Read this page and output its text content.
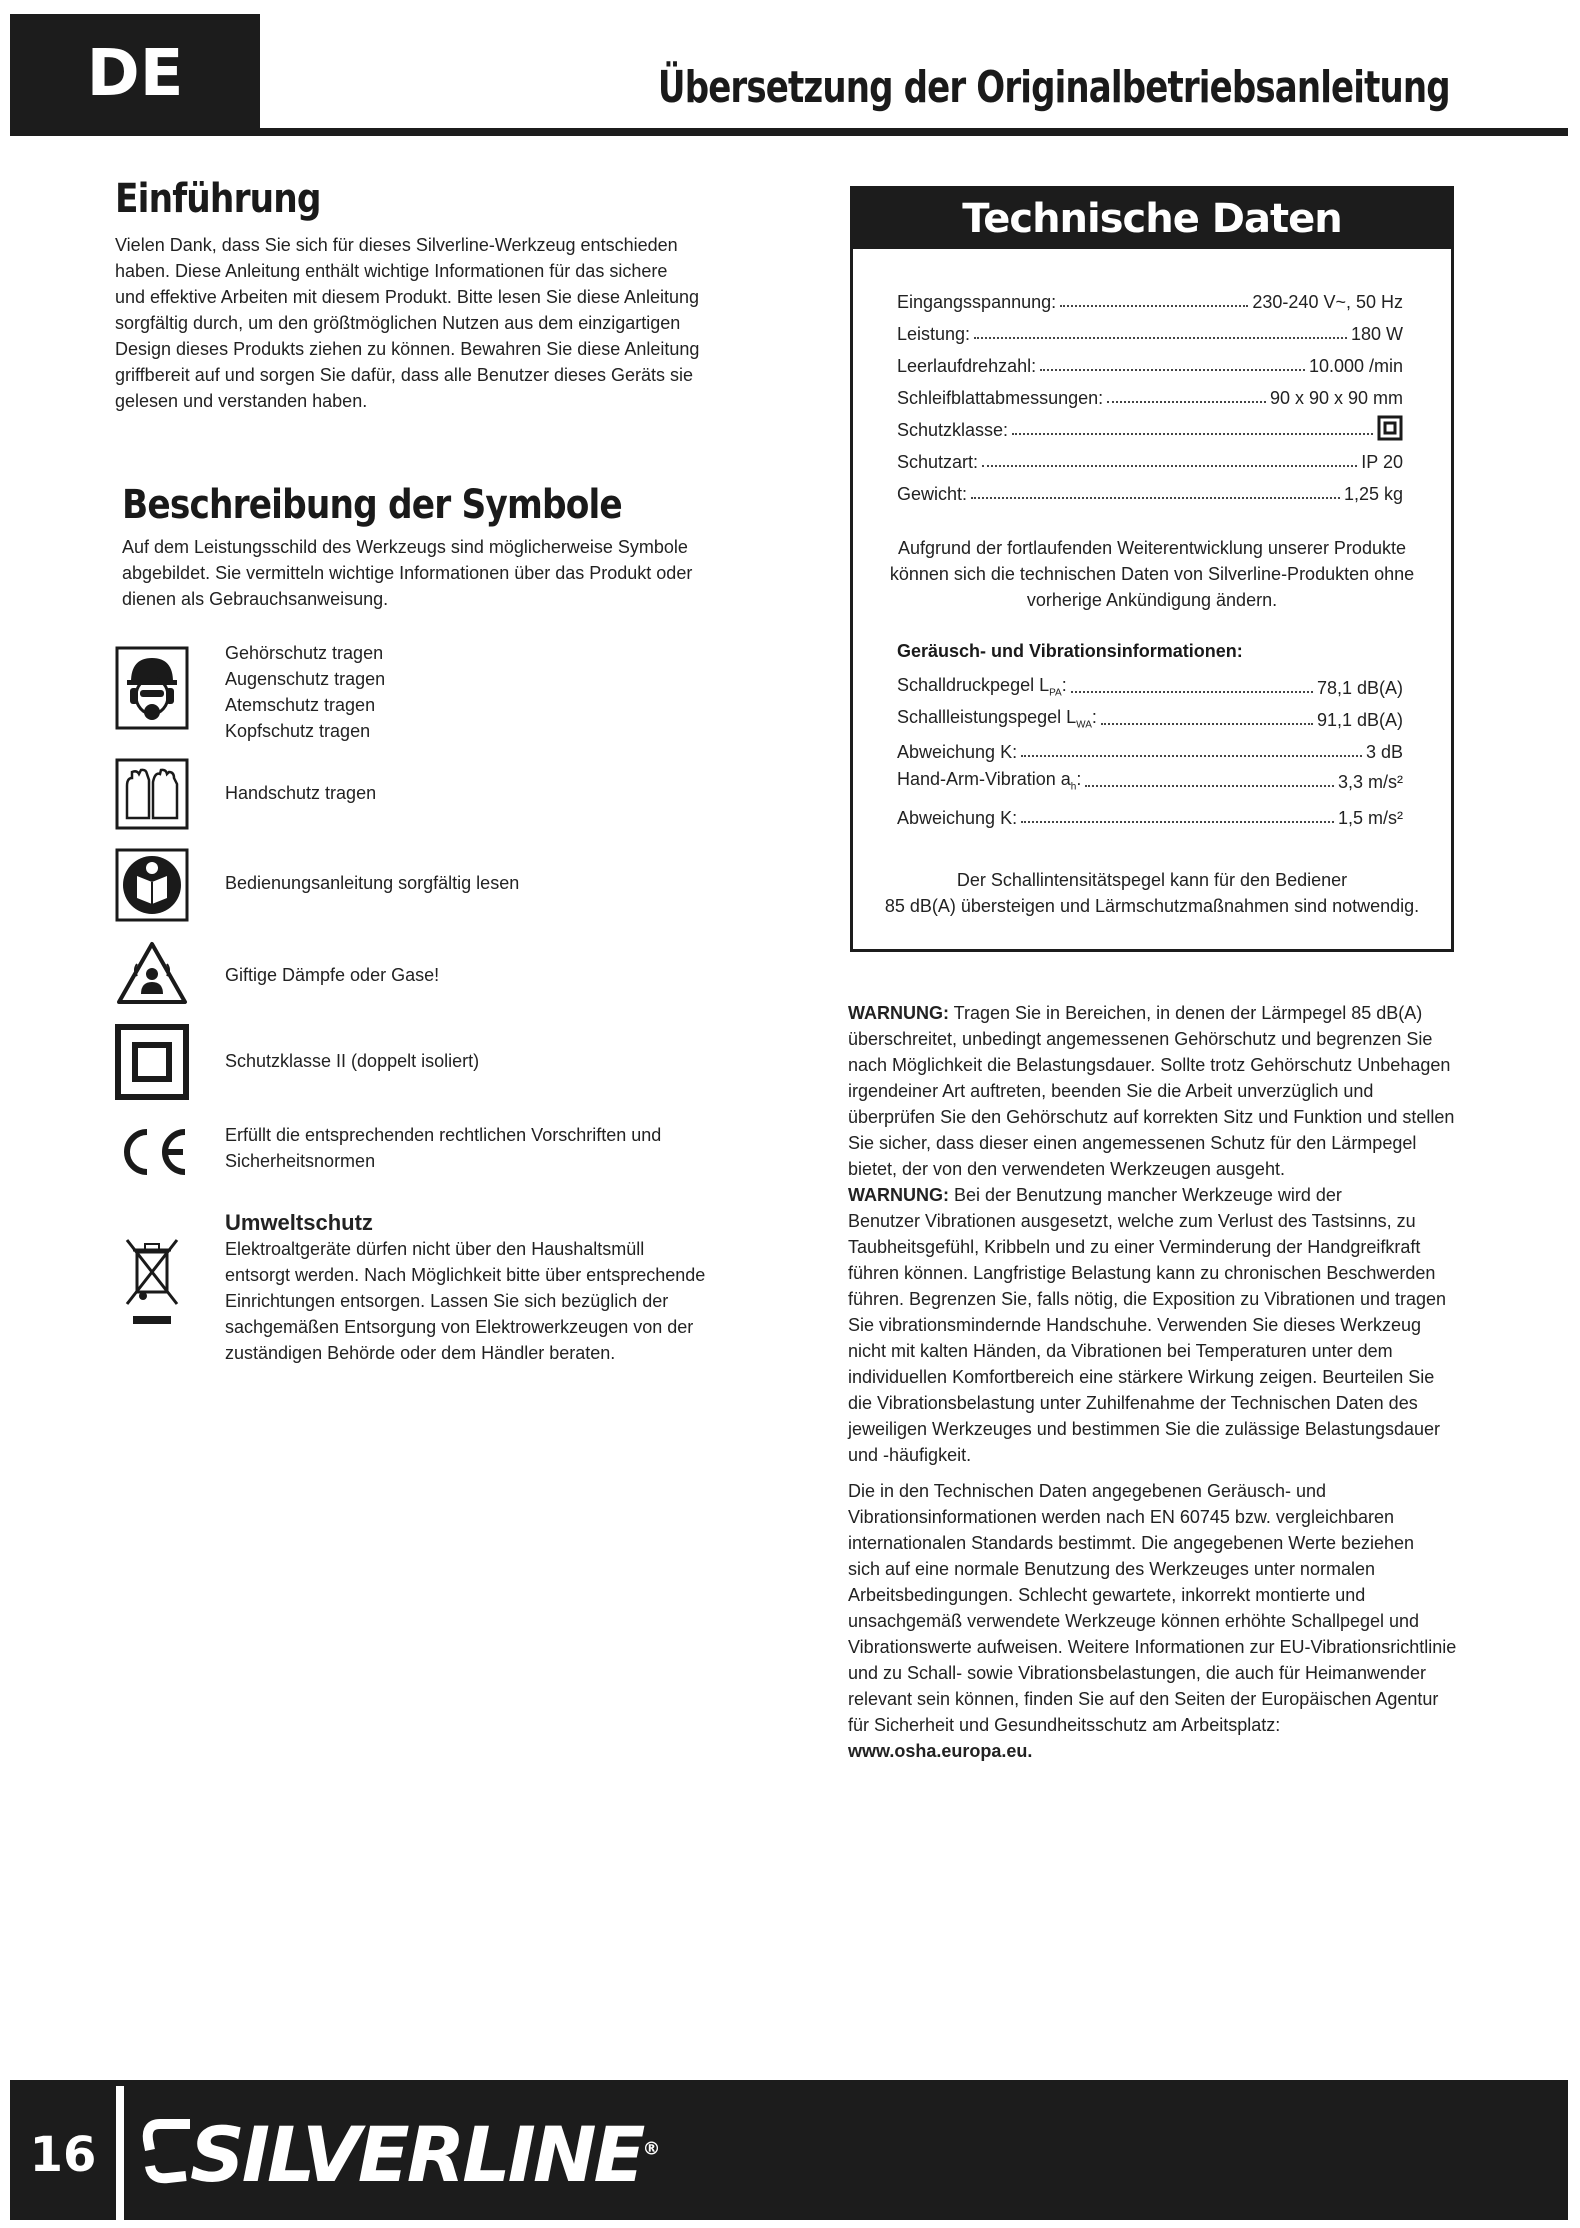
DE	Übersetzung der Originalbetriebsanleitung
Einführung
Vielen Dank, dass Sie sich für dieses Silverline-Werkzeug entschieden
haben. Diese Anleitung enthält wichtige Informationen für das sichere
und effektive Arbeiten mit diesem Produkt. Bitte lesen Sie diese Anleitung
sorgfältig durch, um den größtmöglichen Nutzen aus dem einzigartigen
Design dieses Produkts ziehen zu können. Bewahren Sie diese Anleitung
griffbereit auf und sorgen Sie dafür, dass alle Benutzer dieses Geräts sie
gelesen und verstanden haben.
Beschreibung der Symbole
Auf dem Leistungsschild des Werkzeugs sind möglicherweise Symbole
abgebildet. Sie vermitteln wichtige Informationen über das Produkt oder
dienen als Gebrauchsanweisung.
Gehörschutz tragen
Augenschutz tragen
Atemschutz tragen
Kopfschutz tragen
Handschutz tragen
Bedienungsanleitung sorgfältig lesen
Giftige Dämpfe oder Gase!
Schutzklasse II (doppelt isoliert)
Erfüllt die entsprechenden rechtlichen Vorschriften und
Sicherheitsnormen
Umweltschutz
Elektroaltgeräte dürfen nicht über den Haushaltsmüll
entsorgt werden. Nach Möglichkeit bitte über entsprechende
Einrichtungen entsorgen. Lassen Sie sich bezüglich der
sachgemäßen Entsorgung von Elektrowerkzeugen von der
zuständigen Behörde oder dem Händler beraten.
Technische Daten
Eingangsspannung:	230-240 V~, 50 Hz
Leistung:	180 W
Leerlaufdrehzahl:	10.000 /min
Schleifblattabmessungen:	90 x 90 x 90 mm
Schutzklasse:
Schutzart:	IP 20
Gewicht:	1,25 kg
Aufgrund der fortlaufenden Weiterentwicklung unserer Produkte
können sich die technischen Daten von Silverline-Produkten ohne
vorherige Ankündigung ändern.
Geräusch- und Vibrationsinformationen:
Schalldruckpegel $L_{PA}$:	78,1 dB(A)
Schallleistungspegel $L_{WA}$:	91,1 dB(A)
Abweichung K:	3 dB
Hand-Arm-Vibration $a_h$:	3,3 m/s²
Abweichung K:	1,5 m/s²
Der Schallintensitätspegel kann für den Bediener
85 dB(A) übersteigen und Lärmschutzmaßnahmen sind notwendig.
WARNUNG: Tragen Sie in Bereichen, in denen der Lärmpegel 85 dB(A)
überschreitet, unbedingt angemessenen Gehörschutz und begrenzen Sie
nach Möglichkeit die Belastungsdauer. Sollte trotz Gehörschutz Unbehagen
irgendeiner Art auftreten, beenden Sie die Arbeit unverzüglich und
überprüfen Sie den Gehörschutz auf korrekten Sitz und Funktion und stellen
Sie sicher, dass dieser einen angemessenen Schutz für den Lärmpegel
bietet, der von den verwendeten Werkzeugen ausgeht.
WARNUNG: Bei der Benutzung mancher Werkzeuge wird der
Benutzer Vibrationen ausgesetzt, welche zum Verlust des Tastsinns, zu
Taubheitsgefühl, Kribbeln und zu einer Verminderung der Handgreifkraft
führen können. Langfristige Belastung kann zu chronischen Beschwerden
führen. Begrenzen Sie, falls nötig, die Exposition zu Vibrationen und tragen
Sie vibrationsmindernde Handschuhe. Verwenden Sie dieses Werkzeug
nicht mit kalten Händen, da Vibrationen bei Temperaturen unter dem
individuellen Komfortbereich eine stärkere Wirkung zeigen. Beurteilen Sie
die Vibrationsbelastung unter Zuhilfenahme der Technischen Daten des
jeweiligen Werkzeuges und bestimmen Sie die zulässige Belastungsdauer
und -häufigkeit.
Die in den Technischen Daten angegebenen Geräusch- und
Vibrationsinformationen werden nach EN 60745 bzw. vergleichbaren
internationalen Standards bestimmt. Die angegebenen Werte beziehen
sich auf eine normale Benutzung des Werkzeuges unter normalen
Arbeitsbedingungen. Schlecht gewartete, inkorrekt montierte und
unsachgemäß verwendete Werkzeuge können erhöhte Schallpegel und
Vibrationswerte aufweisen. Weitere Informationen zur EU-Vibrationsrichtlinie
und zu Schall- sowie Vibrationsbelastungen, die auch für Heimanwender
relevant sein können, finden Sie auf den Seiten der Europäischen Agentur
für Sicherheit und Gesundheitsschutz am Arbeitsplatz: www.osha.europa.eu.
16 SILVERLINE®
